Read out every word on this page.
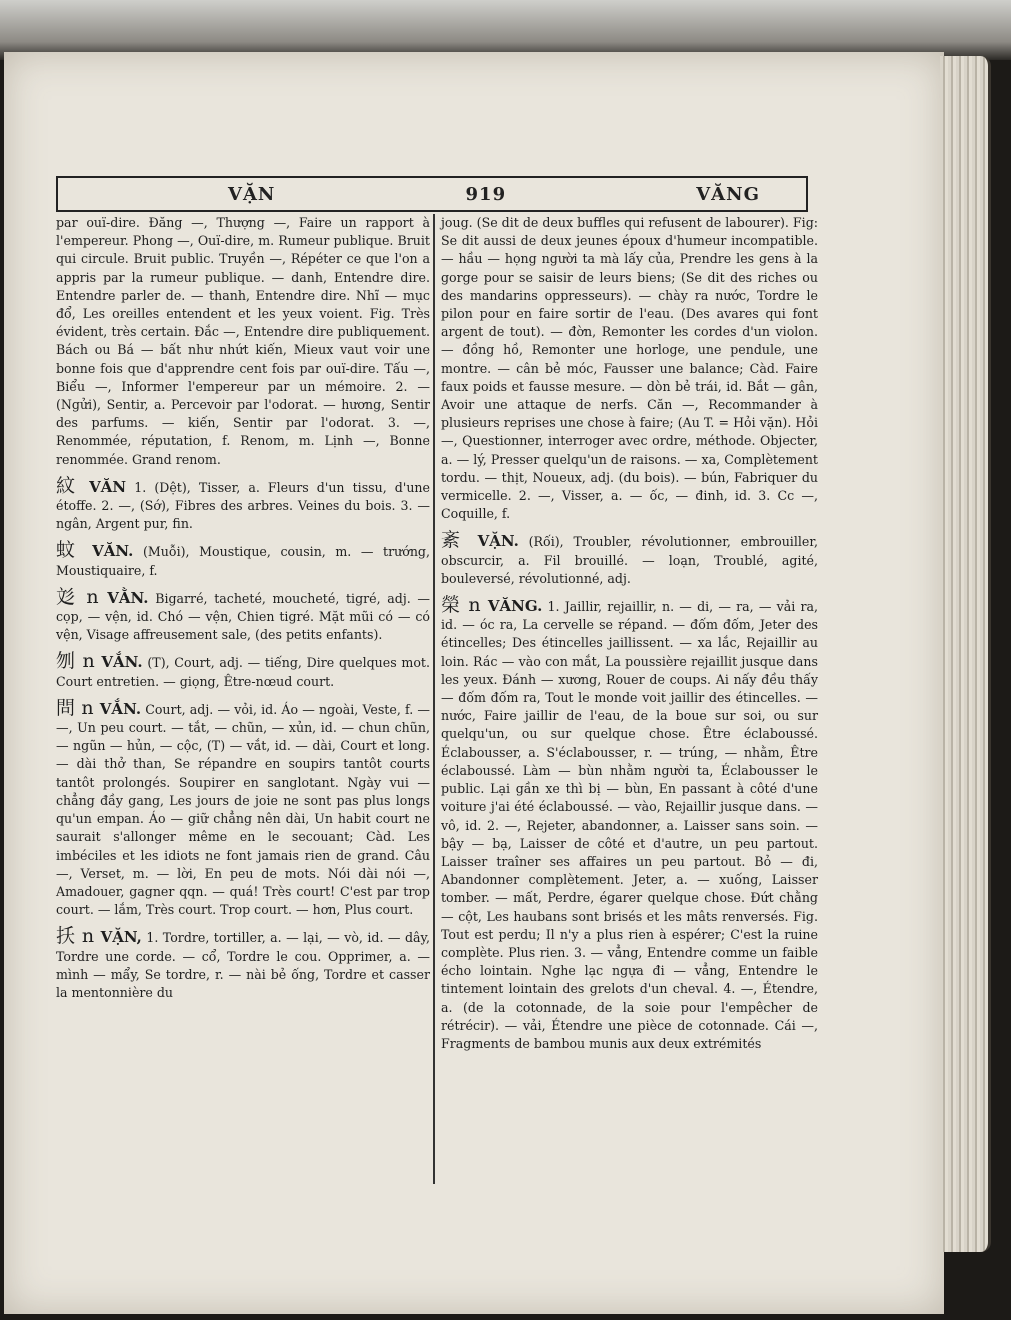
VẶN	919	VĂNG

par ouï-dire. Đăng —, Thượng —, Faire un rapport à l'empereur. Phong —, Ouï-dire, m. Rumeur publique. Bruit qui circule. Bruit public. Truyền —, Répéter ce que l'on a appris par la rumeur publique. — danh, Entendre dire. Entendre parler de. — thanh, Entendre dire. Nhĩ — mục đổ, Les oreilles entendent et les yeux voient. Fig. Très évident, très certain. Đắc —, Entendre dire publiquement. Bách ou Bá — bất như nhứt kiến, Mieux vaut voir une bonne fois que d'apprendre cent fois par ouï-dire. Tấu —, Biểu —, Informer l'empereur par un mémoire. 2. — (Ngửi), Sentir, a. Percevoir par l'odorat. — hương, Sentir des parfums. — kiến, Sentir par l'odorat. 3. —, Renommée, réputation, f. Renom, m. Lịnh —, Bonne renommée. Grand renom.

紋 VĂN 1. (Dệt), Tisser, a. Fleurs d'un tissu, d'une étoffe. 2. —, (Sớ), Fibres des arbres. Veines du bois. 3. — ngân, Argent pur, fin.

蚊 VĂN. (Muỗi), Moustique, cousin, m. — trướng, Moustiquaire, f.

彣 n VẰN. Bigarré, tacheté, moucheté, tigré, adj. — cọp, — vện, id. Chó — vện, Chien tigré. Mặt mũi có — có vện, Visage affreusement sale, (des petits enfants).

刎 n VẮN. (T), Court, adj. — tiếng, Dire quelques mot. Court entretien. — giọng, Être-nœud court.

問 n VẮN. Court, adj. — vỏi, id. Áo — ngoài, Veste, f. — —, Un peu court. — tắt, — chũn, — xủn, id. — chun chũn, — ngũn — hủn, — cộc, (T) — vắt, id. — dài, Court et long. — dài thở than, Se répandre en soupirs tantôt courts tantôt prolongés. Soupirer en sanglotant. Ngày vui — chẳng đầy gang, Les jours de joie ne sont pas plus longs qu'un empan. Áo — giữ chẳng nên dài, Un habit court ne saurait s'allonger même en le secouant; Càd. Les imbéciles et les idiots ne font jamais rien de grand. Câu —, Verset, m. — lời, En peu de mots. Nói dài nói —, Amadouer, gagner qqn. — quá! Très court! C'est par trop court. — lắm, Très court. Trop court. — hơn, Plus court.

扷 n VẶN, 1. Tordre, tortiller, a. — lại, — vò, id. — dây, Tordre une corde. — cổ, Tordre le cou. Opprimer, a. — mình — mẩy, Se tordre, r. — nài bẻ ống, Tordre et casser la mentonnière du

joug. (Se dit de deux buffles qui refusent de labourer). Fig: Se dit aussi de deux jeunes époux d'humeur incompatible. — hầu — họng người ta mà lấy của, Prendre les gens à la gorge pour se saisir de leurs biens; (Se dit des riches ou des mandarins oppresseurs). — chày ra nước, Tordre le pilon pour en faire sortir de l'eau. (Des avares qui font argent de tout). — đờn, Remonter les cordes d'un violon. — đồng hồ, Remonter une horloge, une pendule, une montre. — cân bẻ móc, Fausser une balance; Càd. Faire faux poids et fausse mesure. — dòn bẻ trái, id. Bắt — gân, Avoir une attaque de nerfs. Căn —, Recommander à plusieurs reprises une chose à faire; (Au T. = Hỏi vặn). Hỏi —, Questionner, interroger avec ordre, méthode. Objecter, a. — lý, Presser quelqu'un de raisons. — xa, Complètement tordu. — thịt, Noueux, adj. (du bois). — bún, Fabriquer du vermicelle. 2. —, Visser, a. — ốc, — đinh, id. 3. Cc —, Coquille, f.

紊 VẶN. (Rối), Troubler, révolutionner, embrouiller, obscurcir, a. Fil brouillé. — loạn, Troublé, agité, bouleversé, révolutionné, adj.

榮 n VĂNG. 1. Jaillir, rejaillir, n. — di, — ra, — vải ra, id. — óc ra, La cervelle se répand. — đốm đốm, Jeter des étincelles; Des étincelles jaillissent. — xa lắc, Rejaillir au loin. Rác — vào con mắt, La poussière rejaillit jusque dans les yeux. Đánh — xương, Rouer de coups. Ai nấy đều thấy — đốm đốm ra, Tout le monde voit jaillir des étincelles. — nước, Faire jaillir de l'eau, de la boue sur soi, ou sur quelqu'un, ou sur quelque chose. Être éclaboussé. Éclabousser, a. S'éclabousser, r. — trúng, — nhằm, Être éclaboussé. Làm — bùn nhằm người ta, Éclabousser le public. Lại gần xe thì bị — bùn, En passant à côté d'une voiture j'ai été éclaboussé. — vào, Rejaillir jusque dans. — vô, id. 2. —, Rejeter, abandonner, a. Laisser sans soin. — bậy — bạ, Laisser de côté et d'autre, un peu partout. Laisser traîner ses affaires un peu partout. Bỏ — đi, Abandonner complètement. Jeter, a. — xuống, Laisser tomber. — mất, Perdre, égarer quelque chose. Đứt chằng — cột, Les haubans sont brisés et les mâts renversés. Fig. Tout est perdu; Il n'y a plus rien à espérer; C'est la ruine complète. Plus rien. 3. — vẳng, Entendre comme un faible écho lointain. Nghe lạc ngựa đi — vẳng, Entendre le tintement lointain des grelots d'un cheval. 4. —, Étendre, a. (de la cotonnade, de la soie pour l'empêcher de rétrécir). — vải, Étendre une pièce de cotonnade. Cái —, Fragments de bambou munis aux deux extrémités
